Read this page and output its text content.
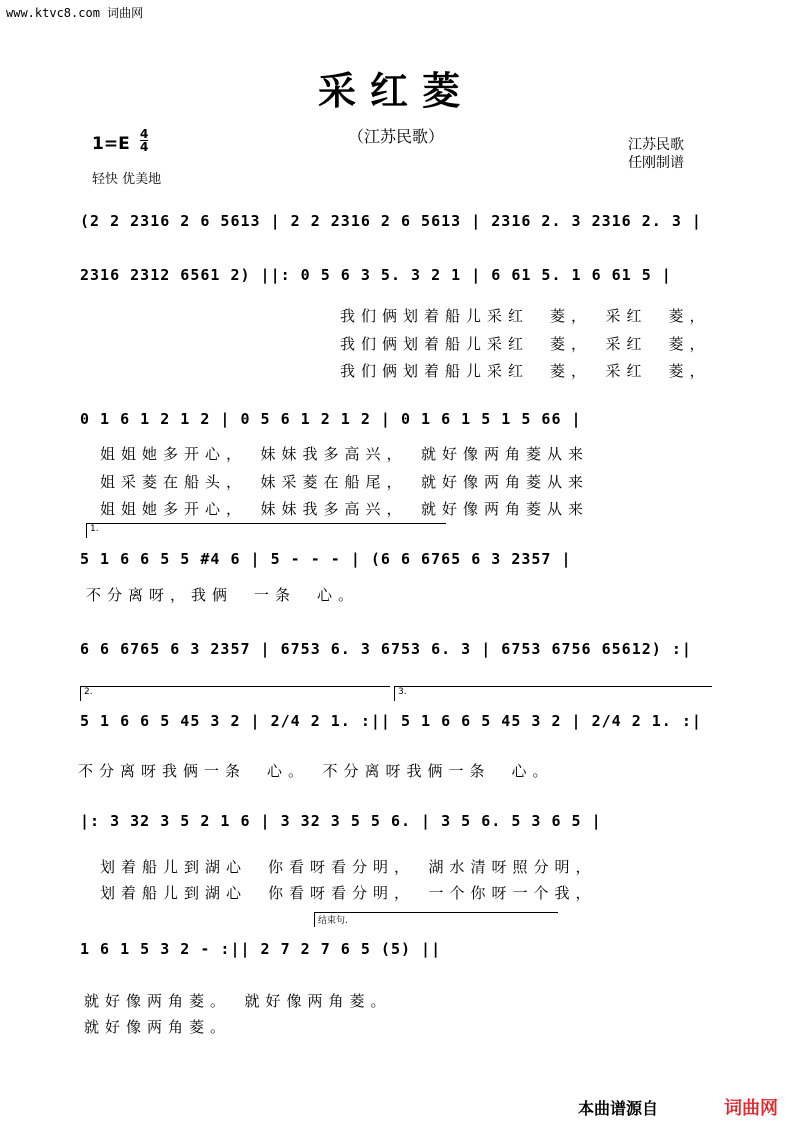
www.ktvc8.com 词曲网
采红菱
（江苏民歌）	江苏民歌
任刚制谱
1=E 4
4
轻快 优美地
(2 2 2316 2 6 5613 | 2 2 2316 2 6 5613 | 2316 2. 3 2316 2. 3 |
2316 2312 6561 2) ||: 0 5 6 3 5. 3 2 1 | 6 61 5. 1 6 61 5 |
我们俩划着船儿采红　菱，　采红　菱，
我们俩划着船儿采红　菱，　采红　菱，
我们俩划着船儿采红　菱，　采红　菱，
0 1 6 1 2 1 2 | 0 5 6 1 2 1 2 | 0 1 6 1 5 1 5 66 |
姐姐她多开心，　妹妹我多高兴，　就好像两角菱从来
姐采菱在船头，　妹采菱在船尾，　就好像两角菱从来
姐姐她多开心，　妹妹我多高兴，　就好像两角菱从来
1.
5 1 6 6 5 5 #4 6 | 5 - - - | (6 6 6765 6 3 2357 |
不分离呀，我俩　一条　心。
6 6 6765 6 3 2357 | 6753 6. 3 6753 6. 3 | 6753 6756 65612) :|
2.	3.
5 1 6 6 5 45 3 2 | 2/4 2 1. :|| 5 1 6 6 5 45 3 2 | 2/4 2 1. :|
不分离呀我俩一条　心。　不分离呀我俩一条　心。
|: 3 32 3 5 2 1 6 | 3 32 3 5 5 6. | 3 5 6. 5 3 6 5 |
划着船儿到湖心　你看呀看分明，　湖水清呀照分明，
划着船儿到湖心　你看呀看分明，　一个你呀一个我，
结束句.
1 6 1 5 3 2 - :|| 2 7 2 7 6 5 (5) ||
就好像两角菱。　就好像两角菱。
就好像两角菱。
本曲谱源自	词曲网
